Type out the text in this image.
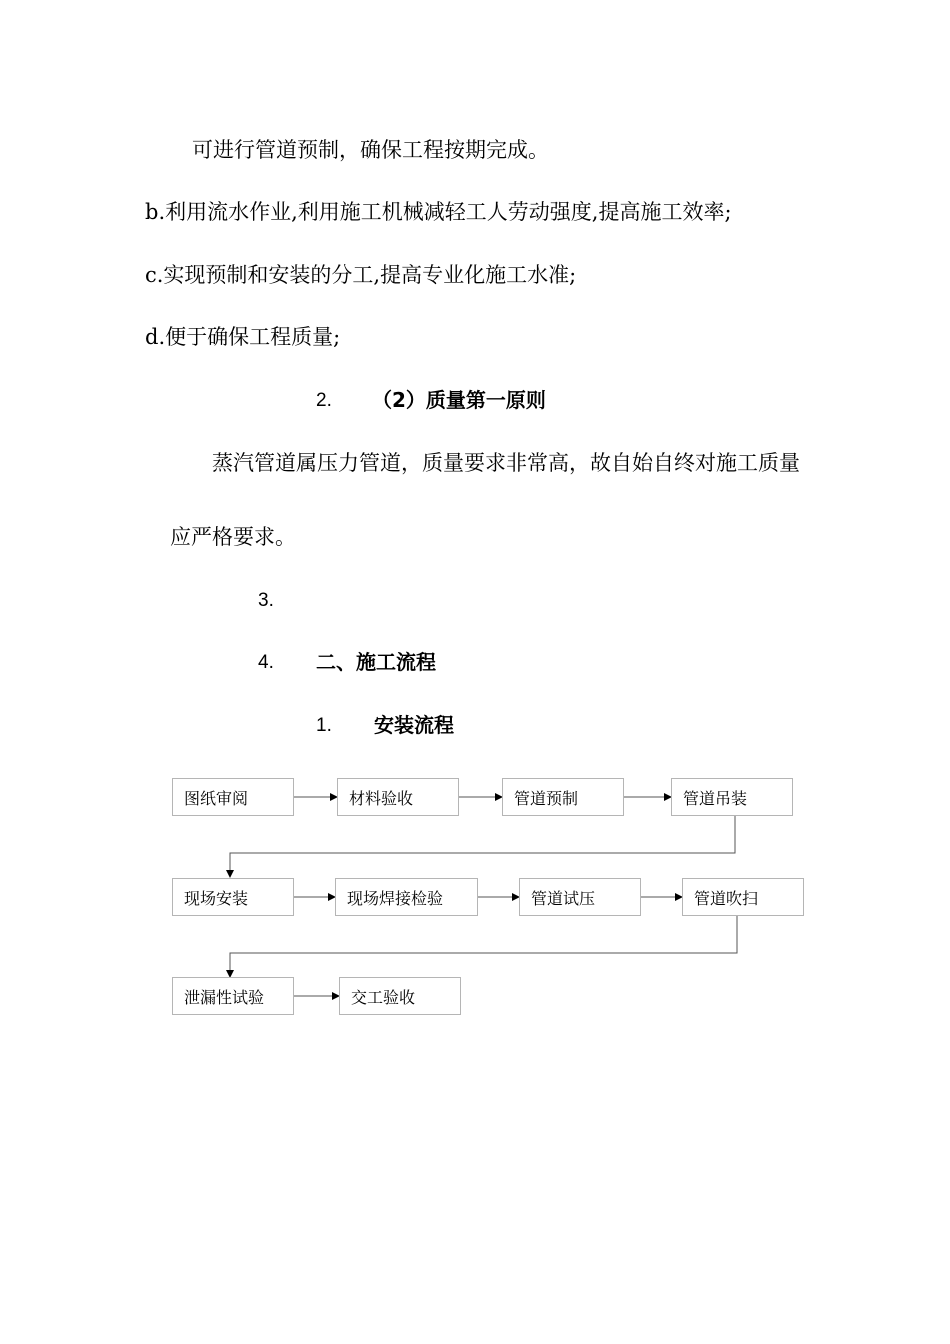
可进行管道预制，确保工程按期完成。
b.利用流水作业,利用施工机械减轻工人劳动强度,提高施工效率;
c.实现预制和安装的分工,提高专业化施工水准;
d.便于确保工程质量;
2. （2）质量第一原则
蒸汽管道属压力管道，质量要求非常高，故自始自终对施工质量
应严格要求。
3.
4. 二、施工流程
1. 安装流程
图纸审阅	材料验收	管道预制	管道吊装
现场安装	现场焊接检验	管道试压	管道吹扫
泄漏性试验	交工验收
